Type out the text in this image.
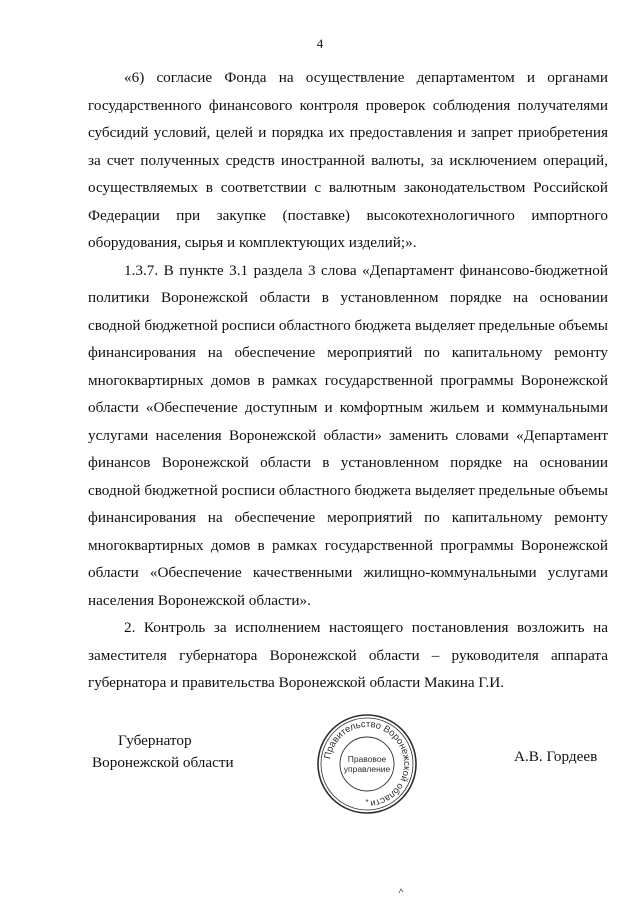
4

«6) согласие Фонда на осуществление департаментом и органами государственного финансового контроля проверок соблюдения получателями субсидий условий, целей и порядка их предоставления и запрет приобретения за счет полученных средств иностранной валюты, за исключением операций, осуществляемых в соответствии с валютным законодательством Российской Федерации при закупке (поставке) высокотехнологичного импортного оборудования, сырья и комплектующих изделий;».

1.3.7. В пункте 3.1 раздела 3 слова «Департамент финансово-бюджетной политики Воронежской области в установленном порядке на основании сводной бюджетной росписи областного бюджета выделяет предельные объемы финансирования на обеспечение мероприятий по капитальному ремонту многоквартирных домов в рамках государственной программы Воронежской области «Обеспечение доступным и комфортным жильем и коммунальными услугами населения Воронежской области» заменить словами «Департамент финансов Воронежской области в установленном порядке на основании сводной бюджетной росписи областного бюджета выделяет предельные объемы финансирования на обеспечение мероприятий по капитальному ремонту многоквартирных домов в рамках государственной программы Воронежской области «Обеспечение качественными жилищно-коммунальными услугами населения Воронежской области».

2. Контроль за исполнением настоящего постановления возложить на заместителя губернатора Воронежской области – руководителя аппарата губернатора и правительства Воронежской области Макина Г.И.

Губернатор
Воронежской области	А.В. Гордеев
Правительство Воронежской области
Правовое
управление
*
